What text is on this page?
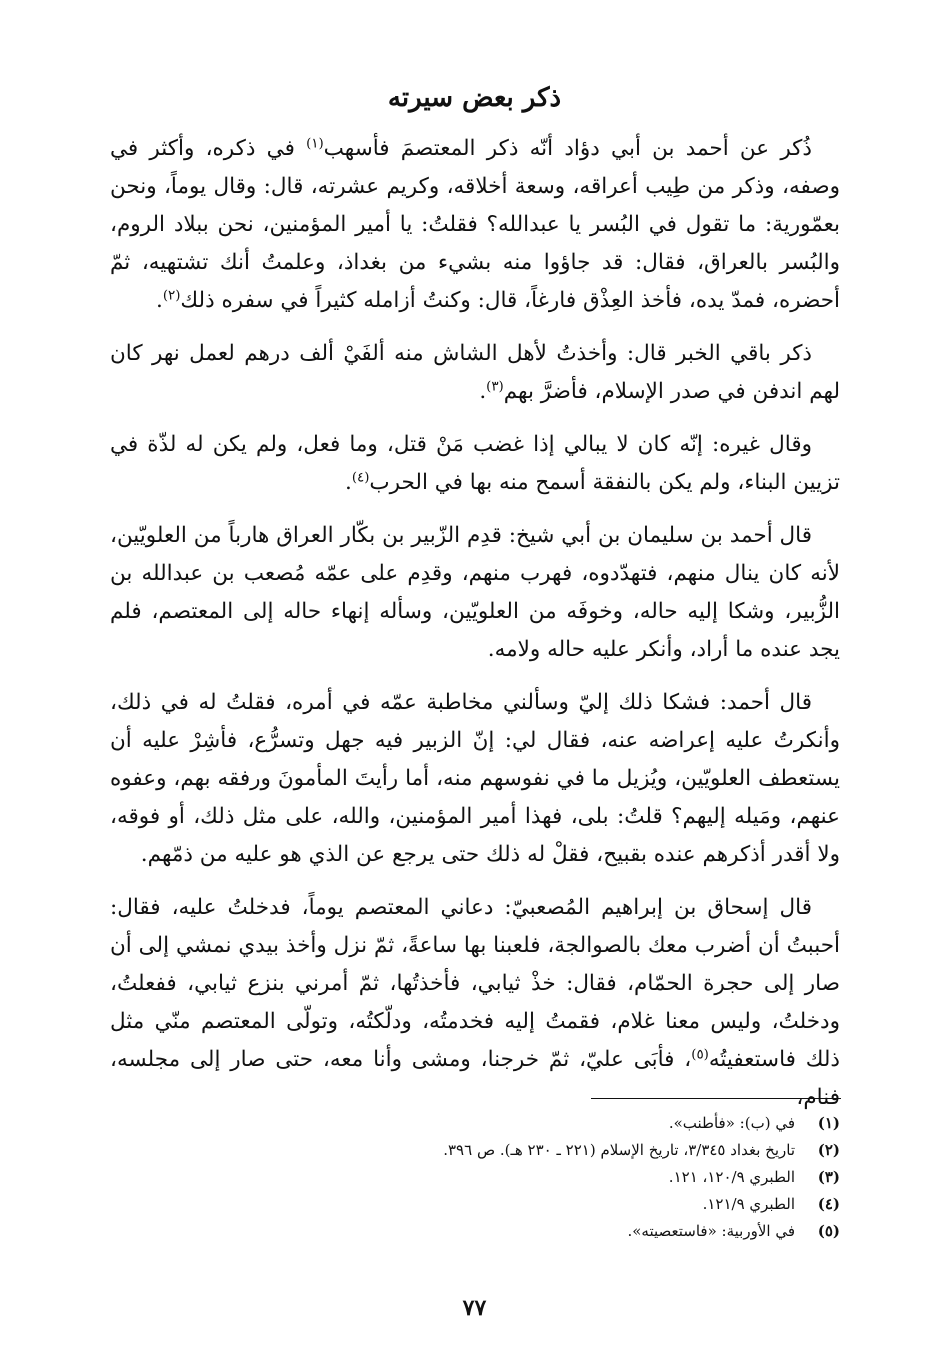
ذكر بعض سيرته

ذُكر عن أحمد بن أبي دؤاد أنّه ذكر المعتصمَ فأسهب$^{(١)}$ في ذكره، وأكثر في وصفه، وذكر من طِيب أعراقه، وسعة أخلاقه، وكريم عشرته، قال: وقال يوماً، ونحن بعمّورية: ما تقول في البُسر يا عبدالله؟ فقلتُ: يا أمير المؤمنين، نحن ببلاد الروم، والبُسر بالعراق، فقال: قد جاؤوا منه بشيء من بغداذ، وعلمتُ أنك تشتهيه، ثمّ أحضره، فمدّ يده، فأخذ العِذْق فارغاً، قال: وكنتُ أزامله كثيراً في سفره ذلك$^{(٢)}$.

ذكر باقي الخبر قال: وأخذتُ لأهل الشاش منه ألفَيْ ألف درهم لعمل نهر كان لهم اندفن في صدر الإسلام، فأضرَّ بهم$^{(٣)}$.

وقال غيره: إنّه كان لا يبالي إذا غضب مَنْ قتل، وما فعل، ولم يكن له لذّة في تزيين البناء، ولم يكن بالنفقة أسمح منه بها في الحرب$^{(٤)}$.

قال أحمد بن سليمان بن أبي شيخ: قدِم الزّبير بن بكّار العراق هارباً من العلويّين، لأنه كان ينال منهم، فتهدّدوه، فهرب منهم، وقدِم على عمّه مُصعب بن عبدالله بن الزُّبير، وشكا إليه حاله، وخوفَه من العلويّين، وسأله إنهاء حاله إلى المعتصم، فلم يجد عنده ما أراد، وأنكر عليه حاله ولامه.

قال أحمد: فشكا ذلك إليّ وسألني مخاطبة عمّه في أمره، فقلتُ له في ذلك، وأنكرتُ عليه إعراضه عنه، فقال لي: إنّ الزبير فيه جهل وتسرُّع، فأشِرْ عليه أن يستعطف العلويّين، ويُزيل ما في نفوسهم منه، أما رأيتَ المأمونَ ورفقه بهم، وعفوه عنهم، ومَيله إليهم؟ قلتُ: بلى، فهذا أمير المؤمنين، والله، على مثل ذلك، أو فوقه، ولا أقدر أذكرهم عنده بقبيح، فقلْ له ذلك حتى يرجع عن الذي هو عليه من ذمّهم.

قال إسحاق بن إبراهيم المُصعبيّ: دعاني المعتصم يوماً، فدخلتُ عليه، فقال: أحببتُ أن أضرب معك بالصوالجة، فلعبنا بها ساعةً، ثمّ نزل وأخذ بيدي نمشي إلى أن صار إلى حجرة الحمّام، فقال: خذْ ثيابي، فأخذتُها، ثمّ أمرني بنزع ثيابي، ففعلتُ، ودخلتُ، وليس معنا غلام، فقمتُ إليه فخدمتُه، ودلّكتُه، وتولّى المعتصم منّي مثل ذلك فاستعفيتُه$^{(٥)}$، فأبَى عليّ، ثمّ خرجنا، ومشى وأنا معه، حتى صار إلى مجلسه، فنام،

(١)
في (ب): «فأطنب».
(٢)
تاريخ بغداد ٣/٣٤٥، تاريخ الإسلام (٢٢١ ـ ٢٣٠ هـ). ص ٣٩٦.
(٣)
الطبري ١٢٠/٩، ١٢١.
(٤)
الطبري ١٢١/٩.
(٥)
في الأوربية: «فاستعصيته».
٧٧
